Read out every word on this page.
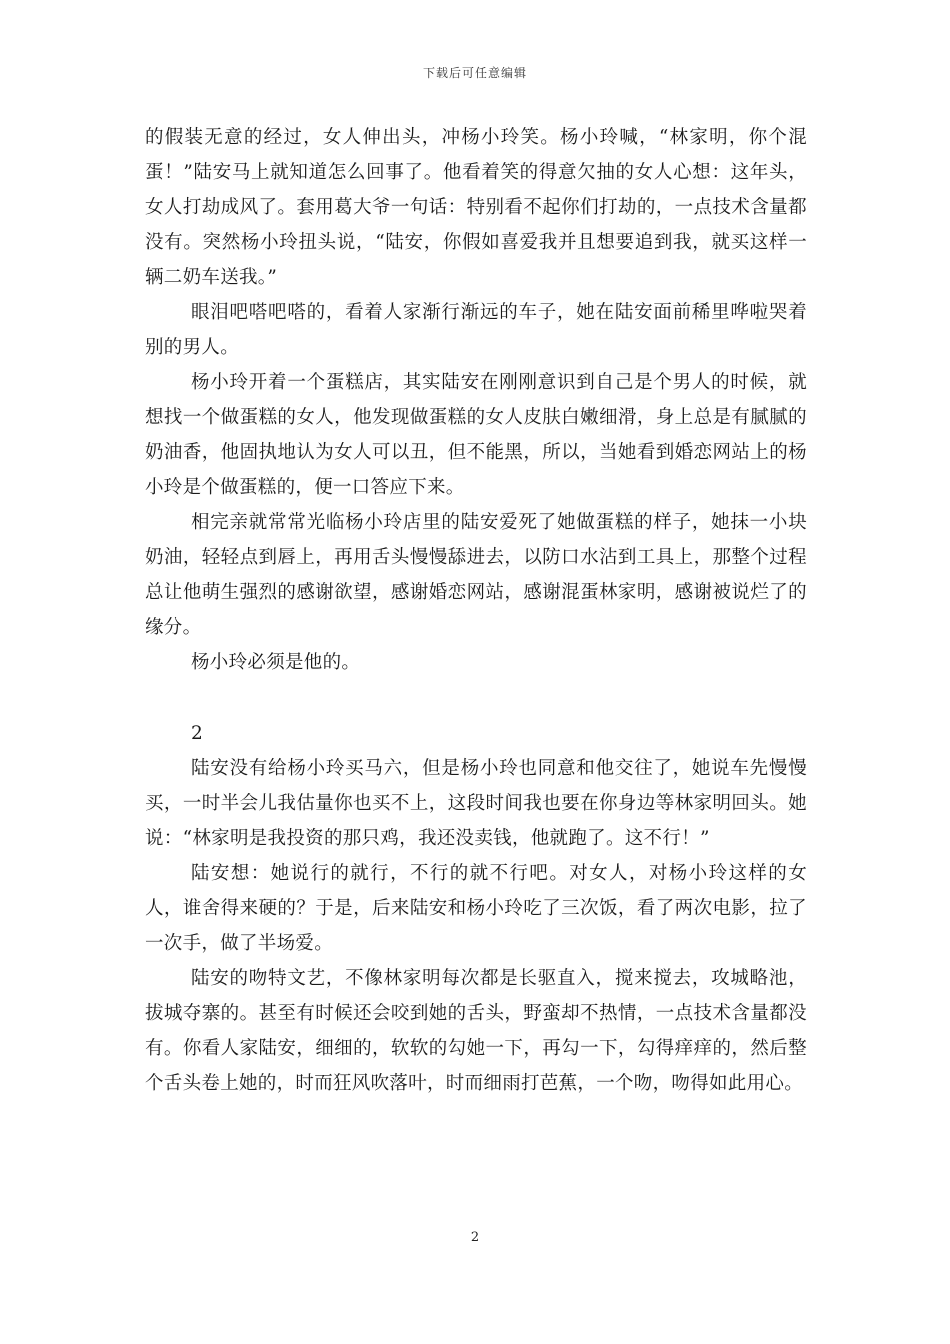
下载后可任意编辑

的假装无意的经过，女人伸出头，冲杨小玲笑。杨小玲喊，“林家明，你个混蛋！”陆安马上就知道怎么回事了。他看着笑的得意欠抽的女人心想：这年头，女人打劫成风了。套用葛大爷一句话：特别看不起你们打劫的，一点技术含量都没有。突然杨小玲扭头说，“陆安，你假如喜爱我并且想要追到我，就买这样一辆二奶车送我。”

眼泪吧嗒吧嗒的，看着人家渐行渐远的车子，她在陆安面前稀里哗啦哭着别的男人。

杨小玲开着一个蛋糕店，其实陆安在刚刚意识到自己是个男人的时候，就想找一个做蛋糕的女人，他发现做蛋糕的女人皮肤白嫩细滑，身上总是有腻腻的奶油香，他固执地认为女人可以丑，但不能黑，所以，当她看到婚恋网站上的杨小玲是个做蛋糕的，便一口答应下来。

相完亲就常常光临杨小玲店里的陆安爱死了她做蛋糕的样子，她抹一小块奶油，轻轻点到唇上，再用舌头慢慢舔进去，以防口水沾到工具上，那整个过程总让他萌生强烈的感谢欲望，感谢婚恋网站，感谢混蛋林家明，感谢被说烂了的缘分。

杨小玲必须是他的。

2

陆安没有给杨小玲买马六，但是杨小玲也同意和他交往了，她说车先慢慢买，一时半会儿我估量你也买不上，这段时间我也要在你身边等林家明回头。她说：“林家明是我投资的那只鸡，我还没卖钱，他就跑了。这不行！”

陆安想：她说行的就行，不行的就不行吧。对女人，对杨小玲这样的女人，谁舍得来硬的？于是，后来陆安和杨小玲吃了三次饭，看了两次电影，拉了一次手，做了半场爱。

陆安的吻特文艺，不像林家明每次都是长驱直入，搅来搅去，攻城略池，拔城夺寨的。甚至有时候还会咬到她的舌头，野蛮却不热情，一点技术含量都没有。你看人家陆安，细细的，软软的勾她一下，再勾一下，勾得痒痒的，然后整个舌头卷上她的，时而狂风吹落叶，时而细雨打芭蕉，一个吻，吻得如此用心。

2
